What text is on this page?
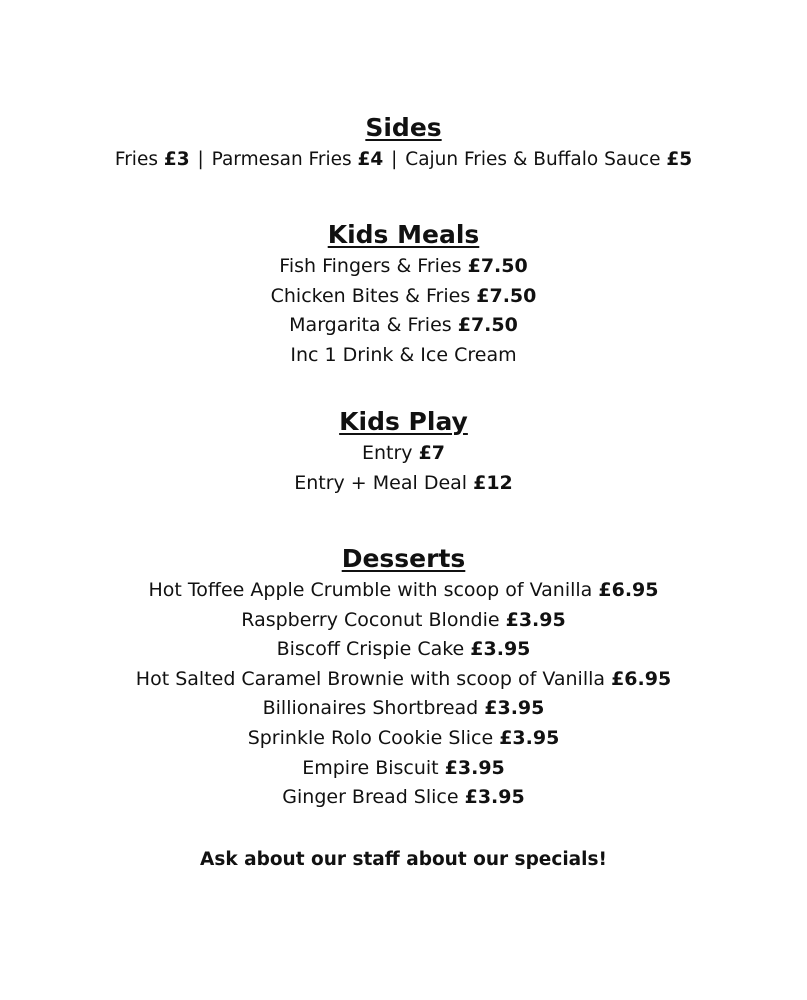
Sides
Fries £3 | Parmesan Fries £4 | Cajun Fries & Buffalo Sauce £5
Kids Meals
Fish Fingers & Fries £7.50
Chicken Bites & Fries £7.50
Margarita & Fries £7.50
Inc 1 Drink & Ice Cream
Kids Play
Entry £7
Entry + Meal Deal £12
Desserts
Hot Toffee Apple Crumble with scoop of Vanilla £6.95
Raspberry Coconut Blondie £3.95
Biscoff Crispie Cake £3.95
Hot Salted Caramel Brownie with scoop of Vanilla £6.95
Billionaires Shortbread £3.95
Sprinkle Rolo Cookie Slice £3.95
Empire Biscuit £3.95
Ginger Bread Slice £3.95
Ask about our staff about our specials!
